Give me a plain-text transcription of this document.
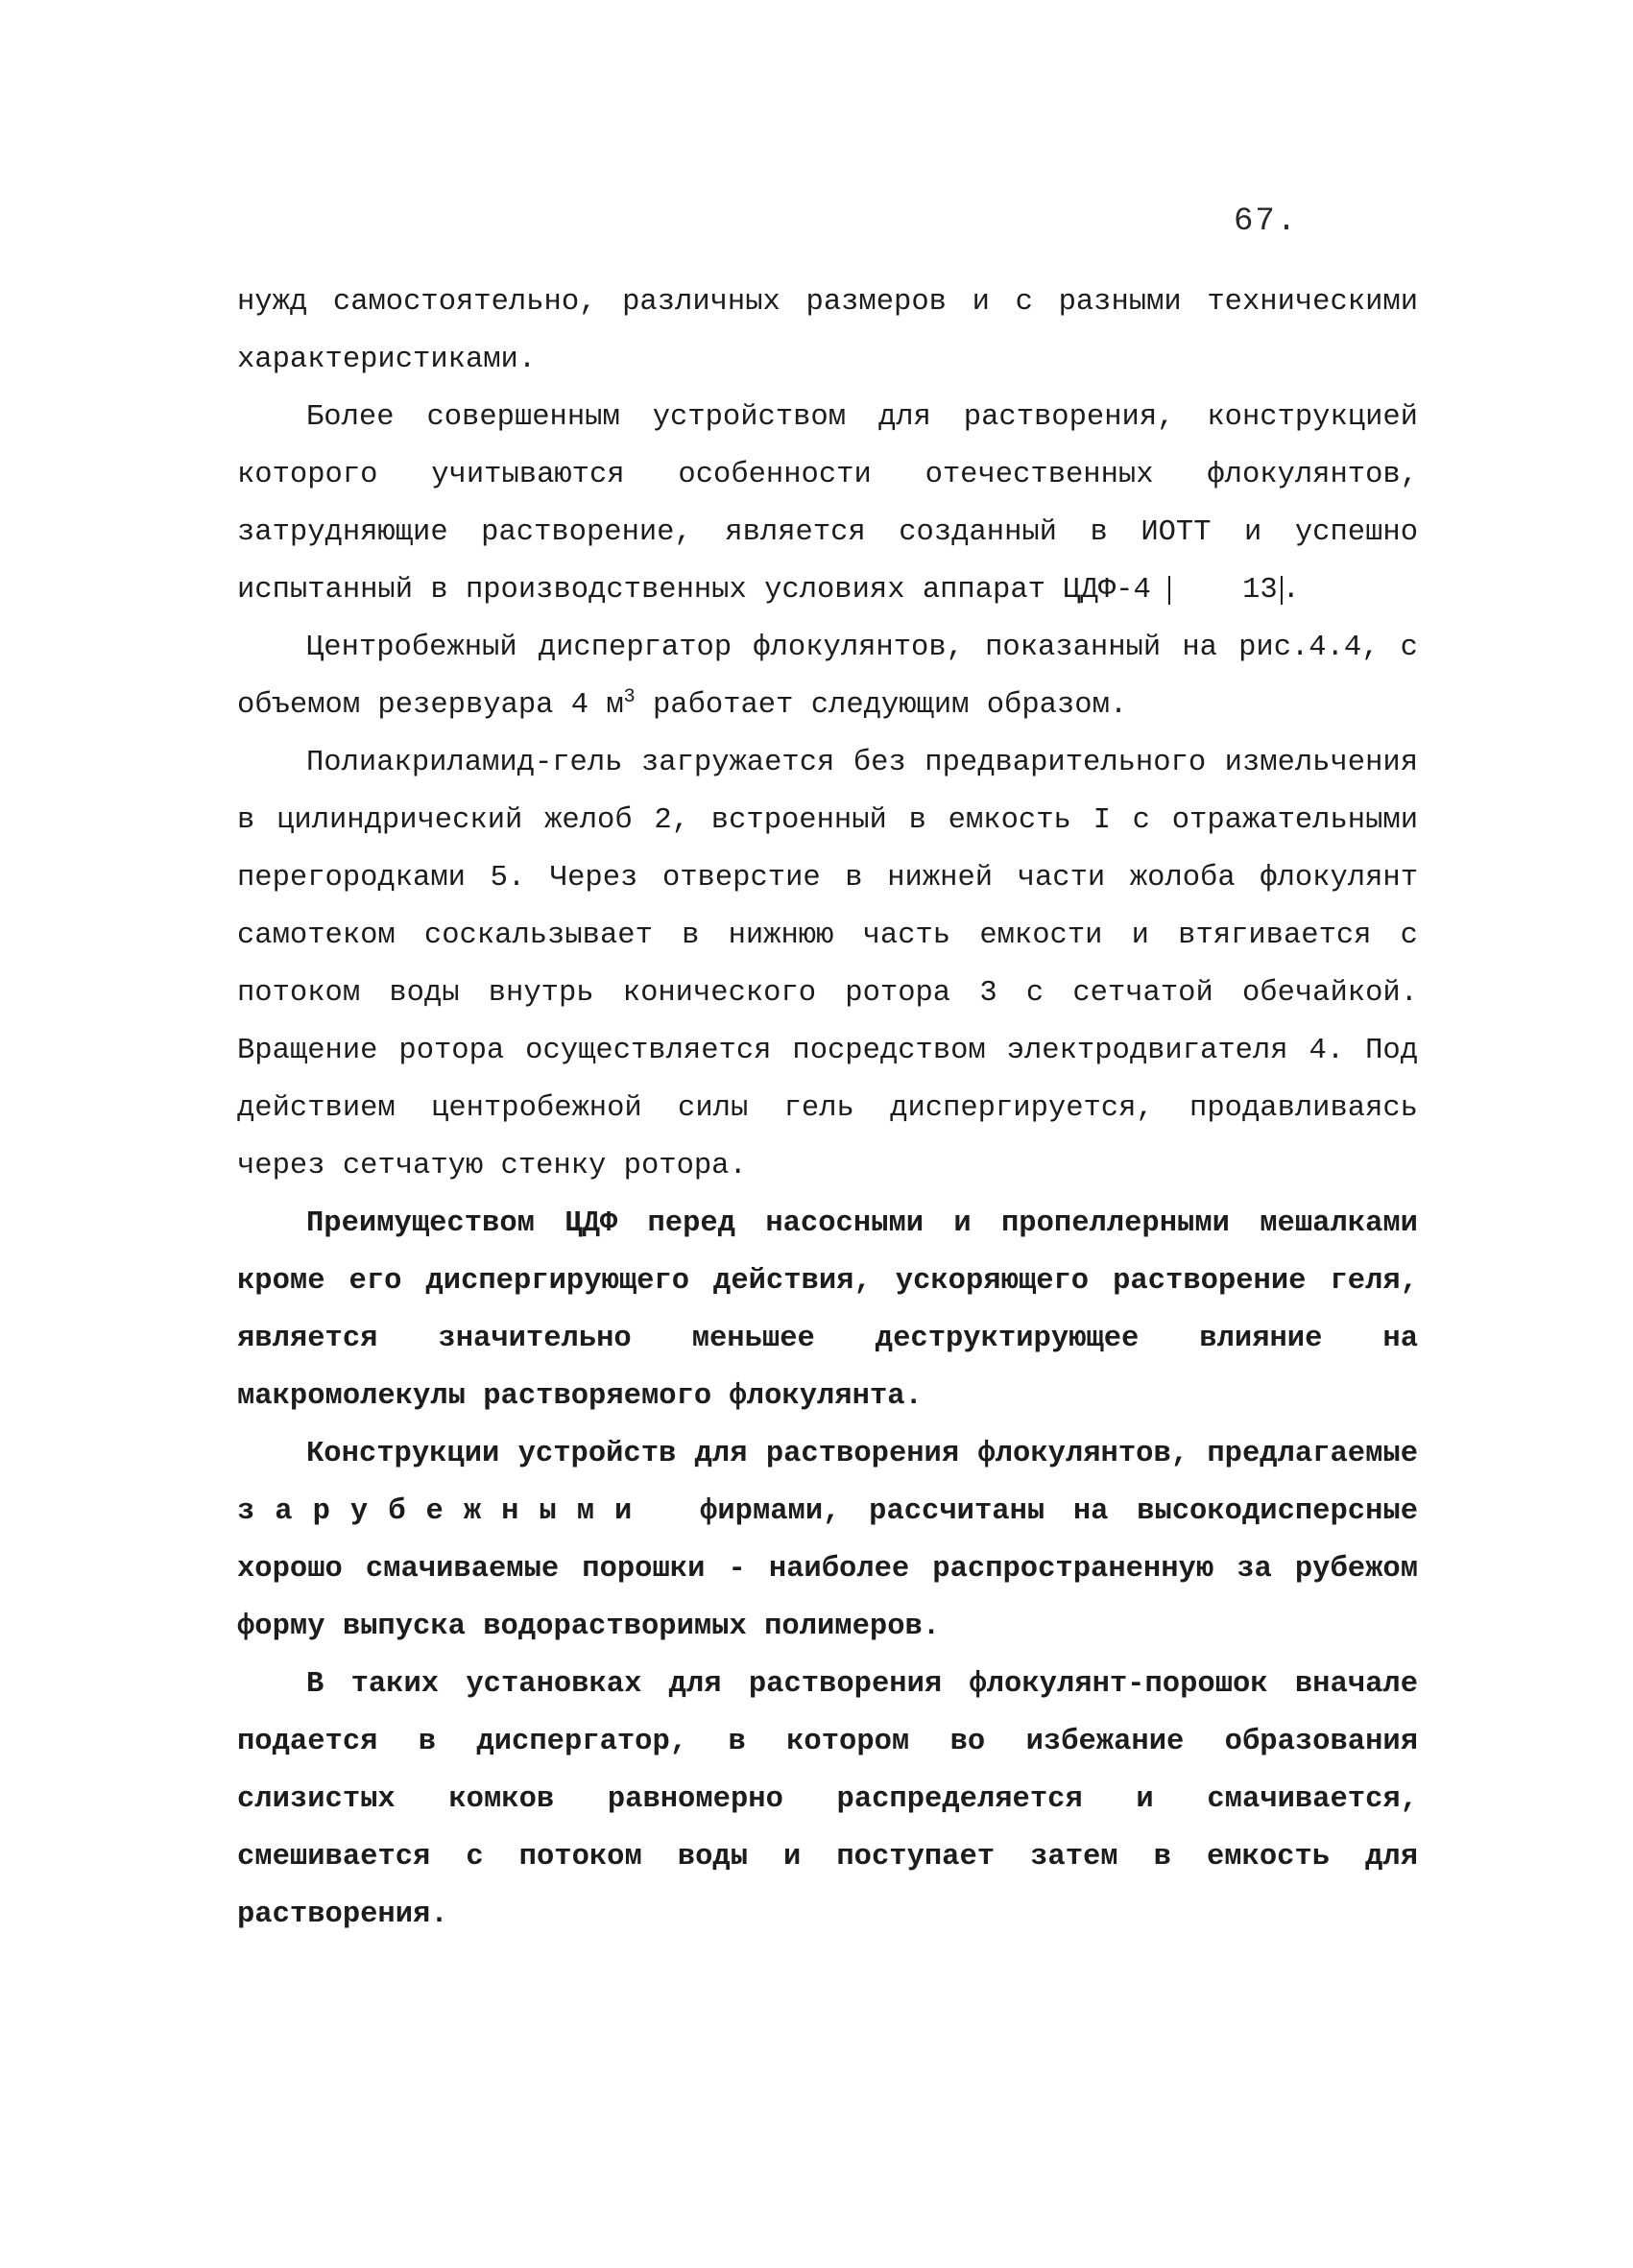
67.

нужд самостоятельно, различных размеров и с разными техническими характеристиками.

Более совершенным устройством для растворения, конструкцией которого учитываются особенности отечественных флокулянтов, затрудняющие растворение, является созданный в ИОТТ и успешно испытанный в производственных условиях аппарат ЦДФ-4	13 .

Центробежный диспергатор флокулянтов, показанный на рис.4.4, с объемом резервуара 4 $м^3$ работает следующим образом.

Полиакриламид-гель загружается без предварительного измельчения в цилиндрический желоб 2, встроенный в емкость I с отражательными перегородками 5. Через отверстие в нижней части жолоба флокулянт самотеком соскальзывает в нижнюю часть емкости и втягивается с потоком воды внутрь конического ротора 3 с сетчатой обечайкой. Вращение ротора осуществляется посредством электродвигателя 4. Под действием центробежной силы гель диспергируется, продавливаясь через сетчатую стенку ротора.

Преимуществом ЦДФ перед насосными и пропеллерными мешалками кроме его диспергирующего действия, ускоряющего растворение геля, является значительно меньшее деструктирующее влияние на макромолекулы растворяемого флокулянта.

Конструкции устройств для растворения флокулянтов, предлагаемые зарубежными фирмами, рассчитаны на высокодисперсные хорошо смачиваемые порошки - наиболее распространенную за рубежом форму выпуска водорастворимых полимеров.

В таких установках для растворения флокулянт-порошок вначале подается в диспергатор, в котором во избежание образования слизистых комков равномерно распределяется и смачивается, смешивается с потоком воды и поступает затем в емкость для растворения.
